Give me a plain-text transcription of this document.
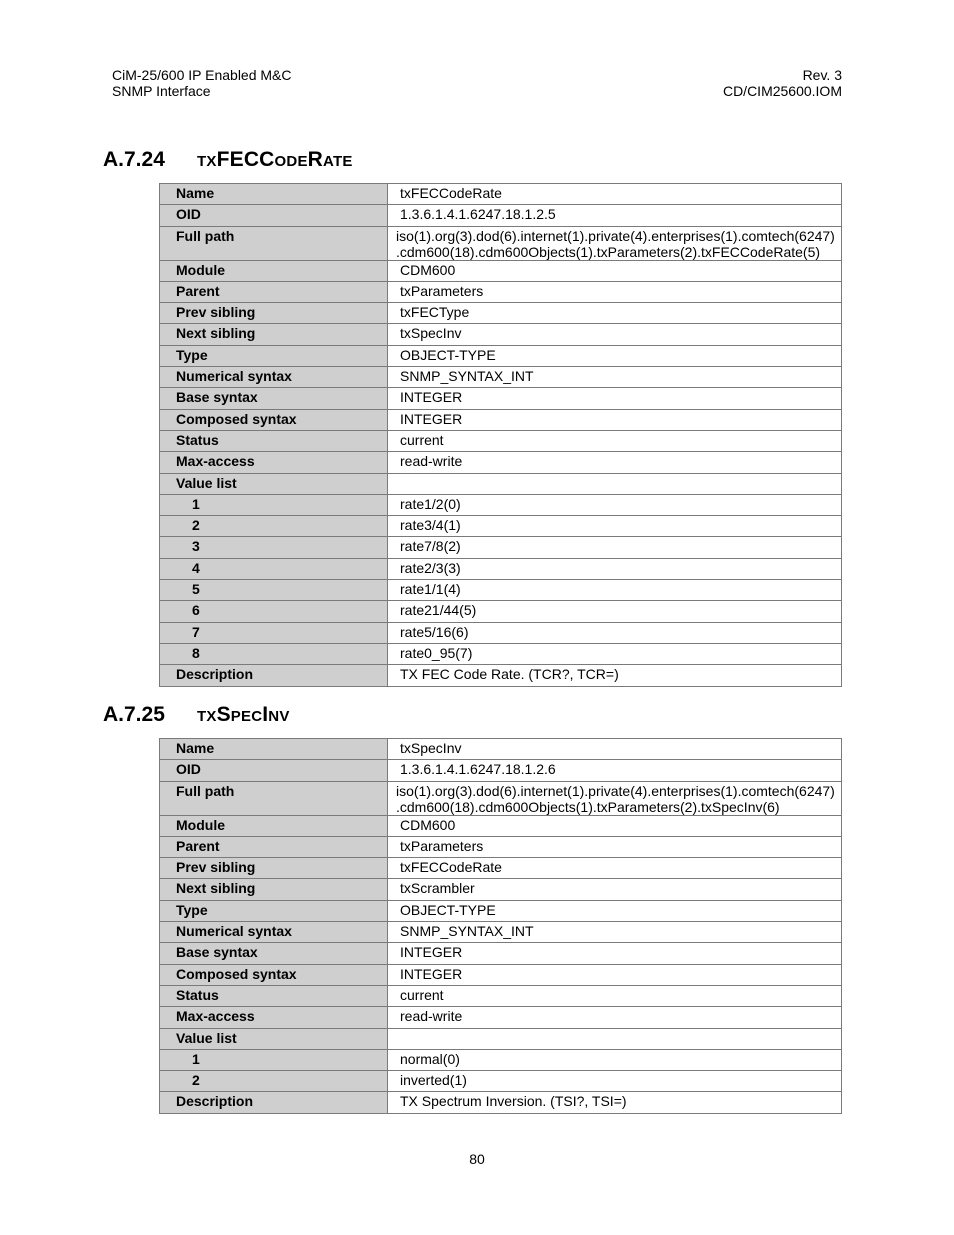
CiM-25/600 IP Enabled M&C
SNMP Interface
Rev. 3
CD/CIM25600.IOM
A.7.24	TXFECCODERATE
Name	txFECCodeRate
OID	1.3.6.1.4.1.6247.18.1.2.5
Full path	iso(1).org(3).dod(6).internet(1).private(4).enterprises(1).comtech(6247)
.cdm600(18).cdm600Objects(1).txParameters(2).txFECCodeRate(5)

Module	CDM600
Parent	txParameters
Prev sibling	txFECType
Next sibling	txSpecInv
Type	OBJECT-TYPE
Numerical syntax	SNMP_SYNTAX_INT
Base syntax	INTEGER
Composed syntax	INTEGER
Status	current
Max-access	read-write
Value list	
1	rate1/2(0)
2	rate3/4(1)
3	rate7/8(2)
4	rate2/3(3)
5	rate1/1(4)
6	rate21/44(5)
7	rate5/16(6)
8	rate0_95(7)
Description	TX FEC Code Rate. (TCR?, TCR=)
A.7.25	TXSPECINV
Name	txSpecInv
OID	1.3.6.1.4.1.6247.18.1.2.6
Full path	iso(1).org(3).dod(6).internet(1).private(4).enterprises(1).comtech(6247)
.cdm600(18).cdm600Objects(1).txParameters(2).txSpecInv(6)

Module	CDM600
Parent	txParameters
Prev sibling	txFECCodeRate
Next sibling	txScrambler
Type	OBJECT-TYPE
Numerical syntax	SNMP_SYNTAX_INT
Base syntax	INTEGER
Composed syntax	INTEGER
Status	current
Max-access	read-write
Value list	
1	normal(0)
2	inverted(1)
Description	TX Spectrum Inversion. (TSI?, TSI=)
80
